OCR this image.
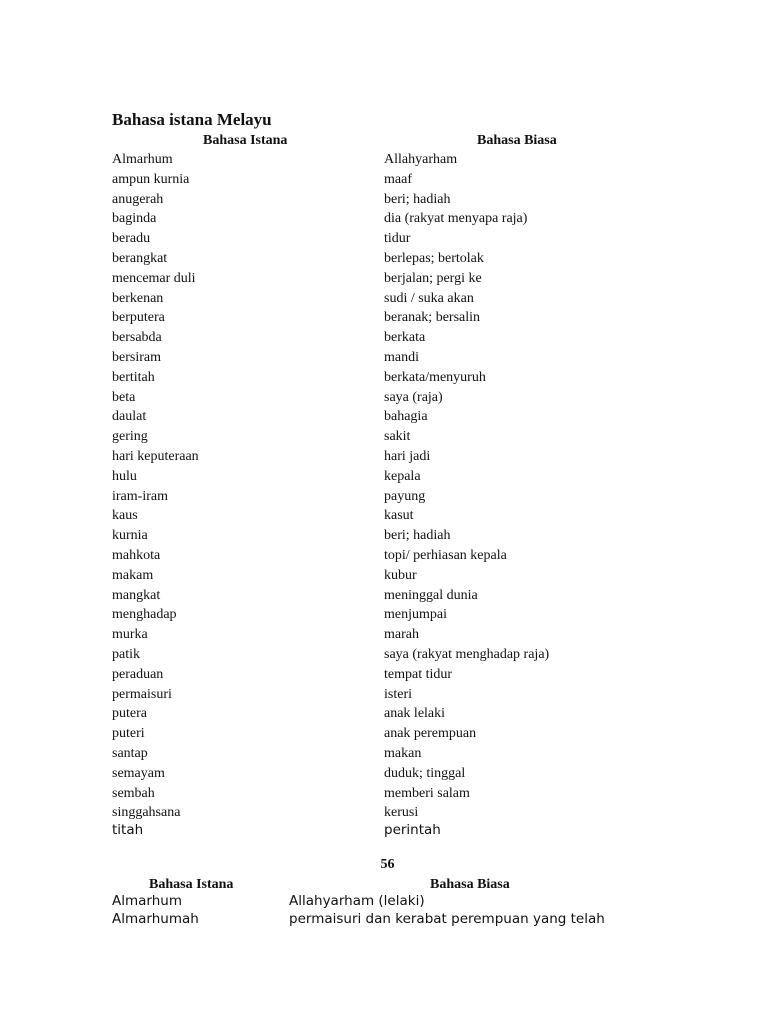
Bahasa istana Melayu
Bahasa Istana	Bahasa Biasa
Almarhum	Allahyarham
ampun kurnia	maaf
anugerah	beri; hadiah
baginda	dia (rakyat menyapa raja)
beradu	tidur
berangkat	berlepas; bertolak
mencemar duli	berjalan; pergi ke
berkenan	sudi / suka akan
berputera	beranak; bersalin
bersabda	berkata
bersiram	mandi
bertitah	berkata/menyuruh
beta	saya (raja)
daulat	bahagia
gering	sakit
hari keputeraan	hari jadi
hulu	kepala
iram-iram	payung
kaus	kasut
kurnia	beri; hadiah
mahkota	topi/ perhiasan kepala
makam	kubur
mangkat	meninggal dunia
menghadap	menjumpai
murka	marah
patik	saya (rakyat menghadap raja)
peraduan	tempat tidur
permaisuri	isteri
putera	anak lelaki
puteri	anak perempuan
santap	makan
semayam	duduk; tinggal
sembah	memberi salam
singgahsana	kerusi
titah	perintah
56
Bahasa Istana	Bahasa Biasa
Almarhum	Allahyarham (lelaki)
Almarhumah	permaisuri dan kerabat perempuan yang telah
